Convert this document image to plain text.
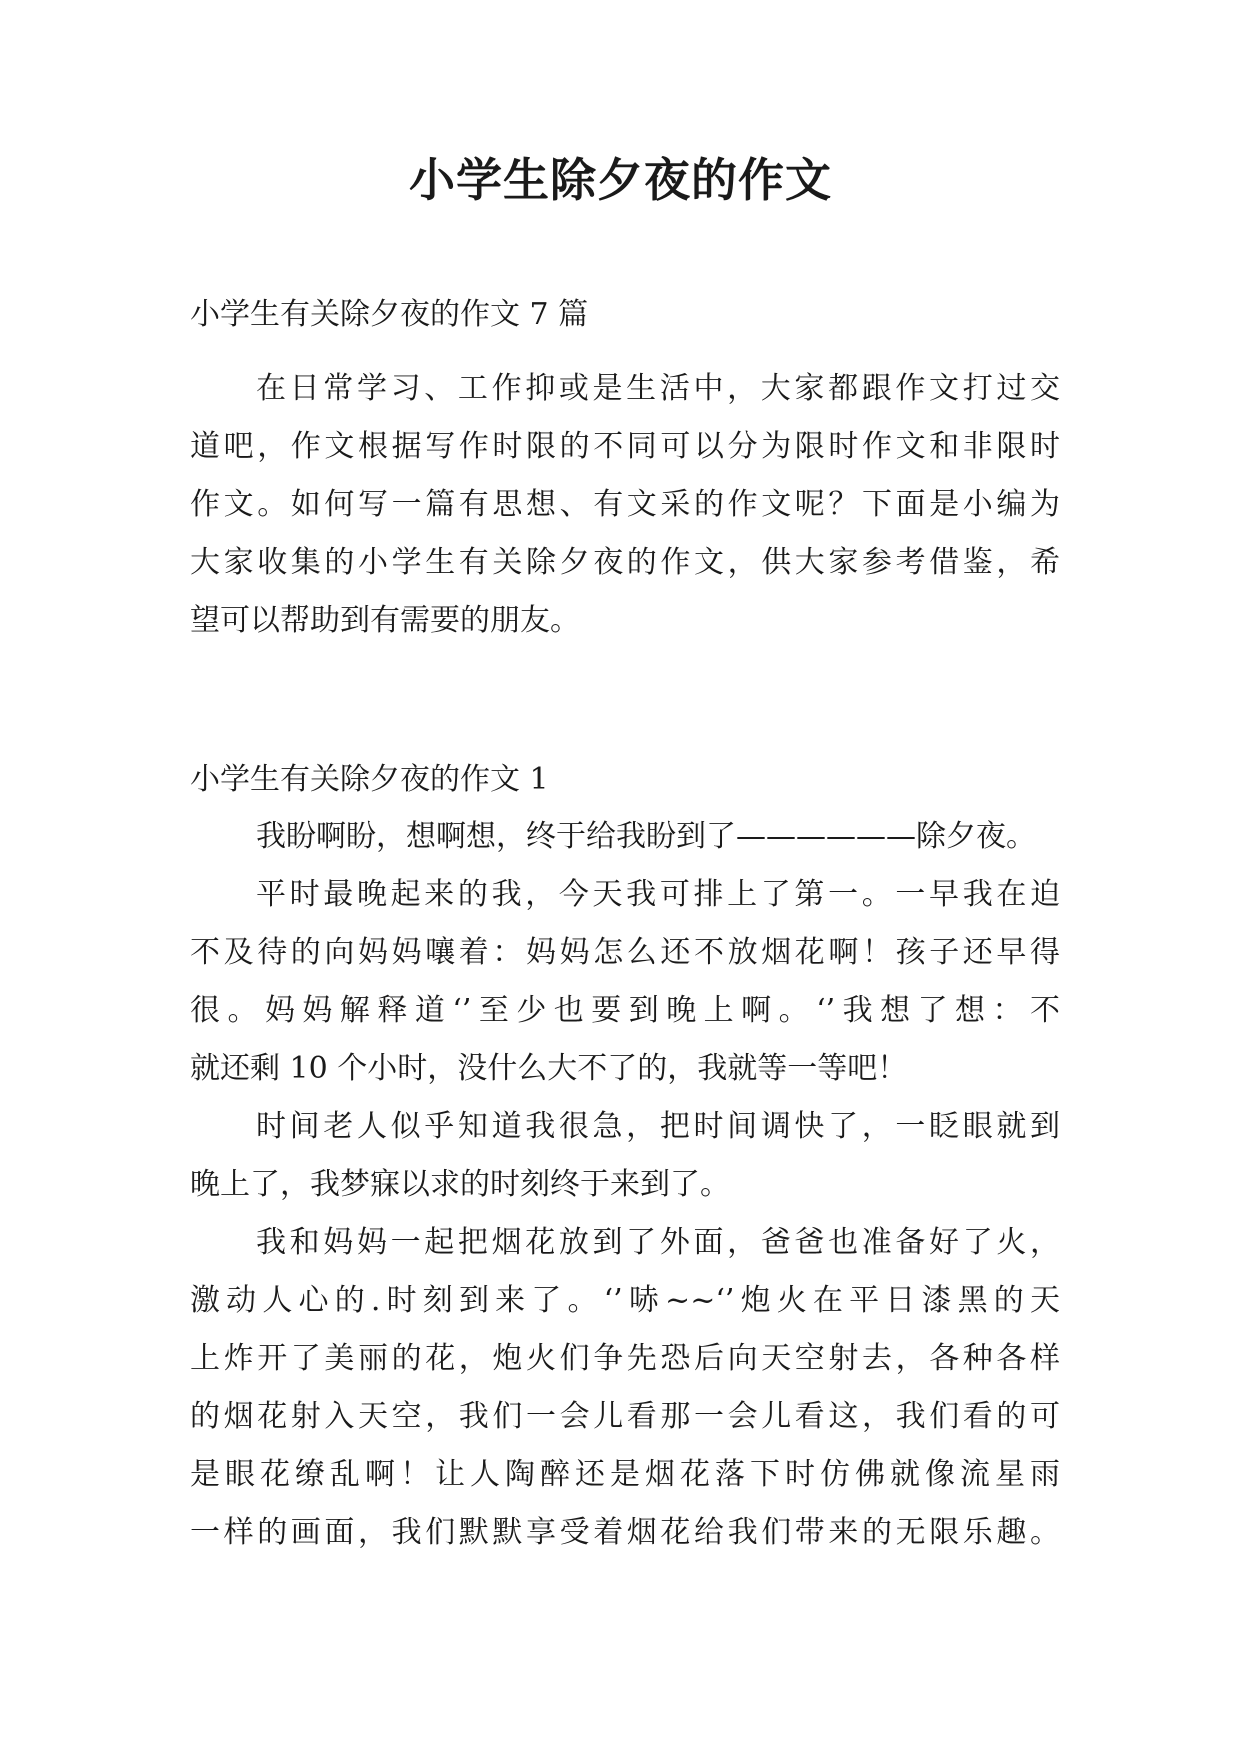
小学生除夕夜的作文
小学生有关除夕夜的作文 7 篇
在日常学习、工作抑或是生活中，大家都跟作文打过交
道吧，作文根据写作时限的不同可以分为限时作文和非限时
作文。如何写一篇有思想、有文采的作文呢？下面是小编为
大家收集的小学生有关除夕夜的作文，供大家参考借鉴，希
望可以帮助到有需要的朋友。
小学生有关除夕夜的作文 1
我盼啊盼，想啊想，终于给我盼到了——————除夕夜。
平时最晚起来的我，今天我可排上了第一。一早我在迫
不及待的向妈妈嚷着：妈妈怎么还不放烟花啊！孩子还早得
很。妈妈解释道‘’至少也要到晚上啊。‘’我想了想：不
就还剩 10 个小时，没什么大不了的，我就等一等吧！
时间老人似乎知道我很急，把时间调快了，一眨眼就到
晚上了，我梦寐以求的时刻终于来到了。
我和妈妈一起把烟花放到了外面，爸爸也准备好了火，
激动人心的.时刻到来了。‘’哧~~‘’炮火在平日漆黑的天
上炸开了美丽的花，炮火们争先恐后向天空射去，各种各样
的烟花射入天空，我们一会儿看那一会儿看这，我们看的可
是眼花缭乱啊！让人陶醉还是烟花落下时仿佛就像流星雨
一样的画面，我们默默享受着烟花给我们带来的无限乐趣。
